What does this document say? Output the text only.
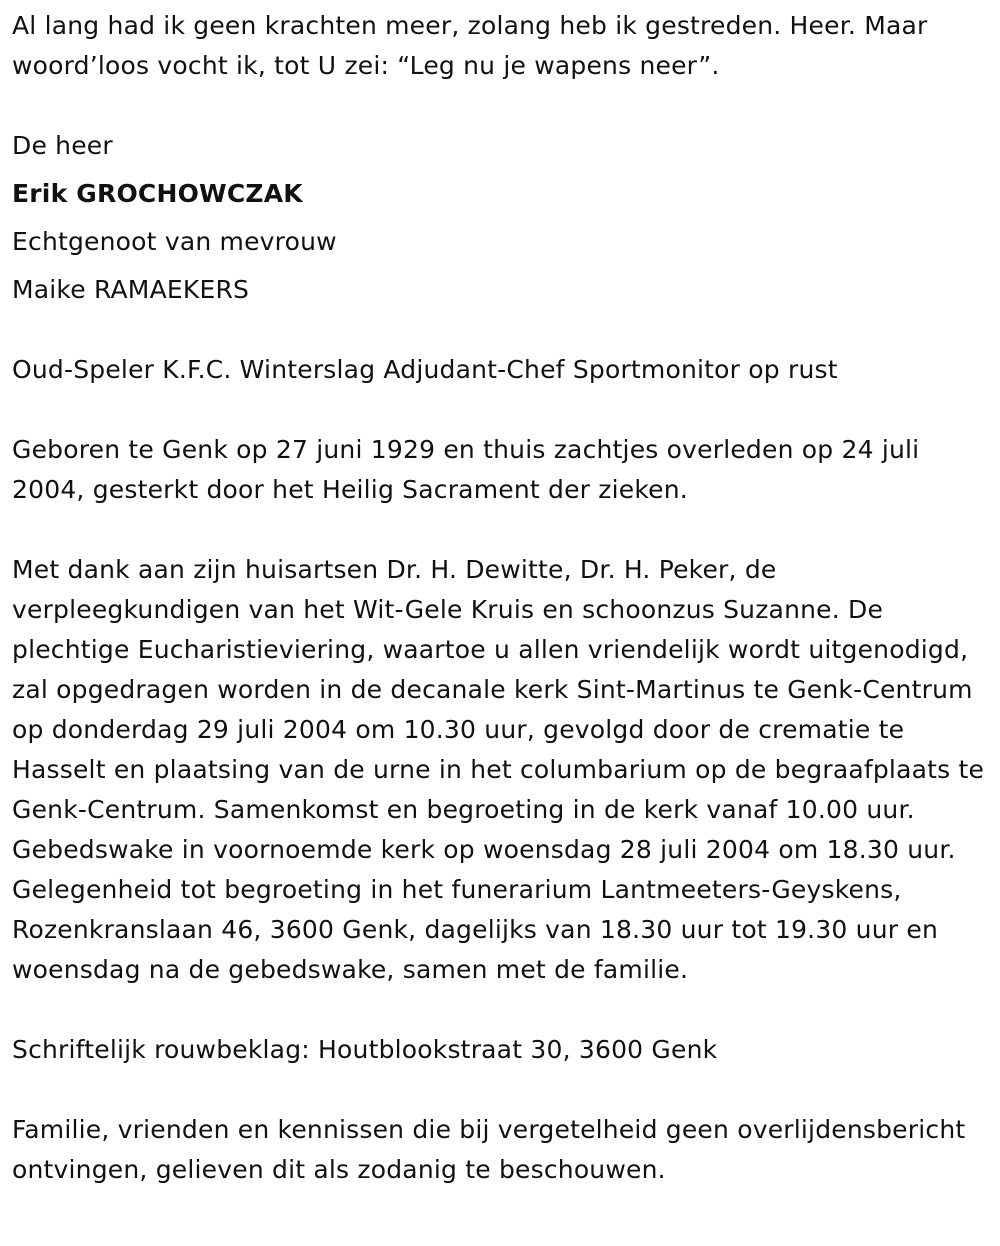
Al lang had ik geen krachten meer, zolang heb ik gestreden. Heer. Maar woord’loos vocht ik, tot U zei: “Leg nu je wapens neer”.

De heer

Erik GROCHOWCZAK

Echtgenoot van mevrouw

Maike RAMAEKERS

Oud-Speler K.F.C. Winterslag Adjudant-Chef Sportmonitor op rust

Geboren te Genk op 27 juni 1929 en thuis zachtjes overleden op 24 juli 2004, gesterkt door het Heilig Sacrament der zieken.

Met dank aan zijn huisartsen Dr. H. Dewitte, Dr. H. Peker, de verpleegkundigen van het Wit-Gele Kruis en schoonzus Suzanne. De plechtige Eucharistieviering, waartoe u allen vriendelijk wordt uitgenodigd, zal opgedragen worden in de decanale kerk Sint-Martinus te Genk-Centrum op donderdag 29 juli 2004 om 10.30 uur, gevolgd door de crematie te Hasselt en plaatsing van de urne in het columbarium op de begraafplaats te Genk-Centrum. Samenkomst en begroeting in de kerk vanaf 10.00 uur. Gebedswake in voornoemde kerk op woensdag 28 juli 2004 om 18.30 uur. Gelegenheid tot begroeting in het funerarium Lantmeeters-Geyskens, Rozenkranslaan 46, 3600 Genk, dagelijks van 18.30 uur tot 19.30 uur en woensdag na de gebedswake, samen met de familie.

Schriftelijk rouwbeklag: Houtblookstraat 30, 3600 Genk

Familie, vrienden en kennissen die bij vergetelheid geen overlijdensbericht ontvingen, gelieven dit als zodanig te beschouwen.
